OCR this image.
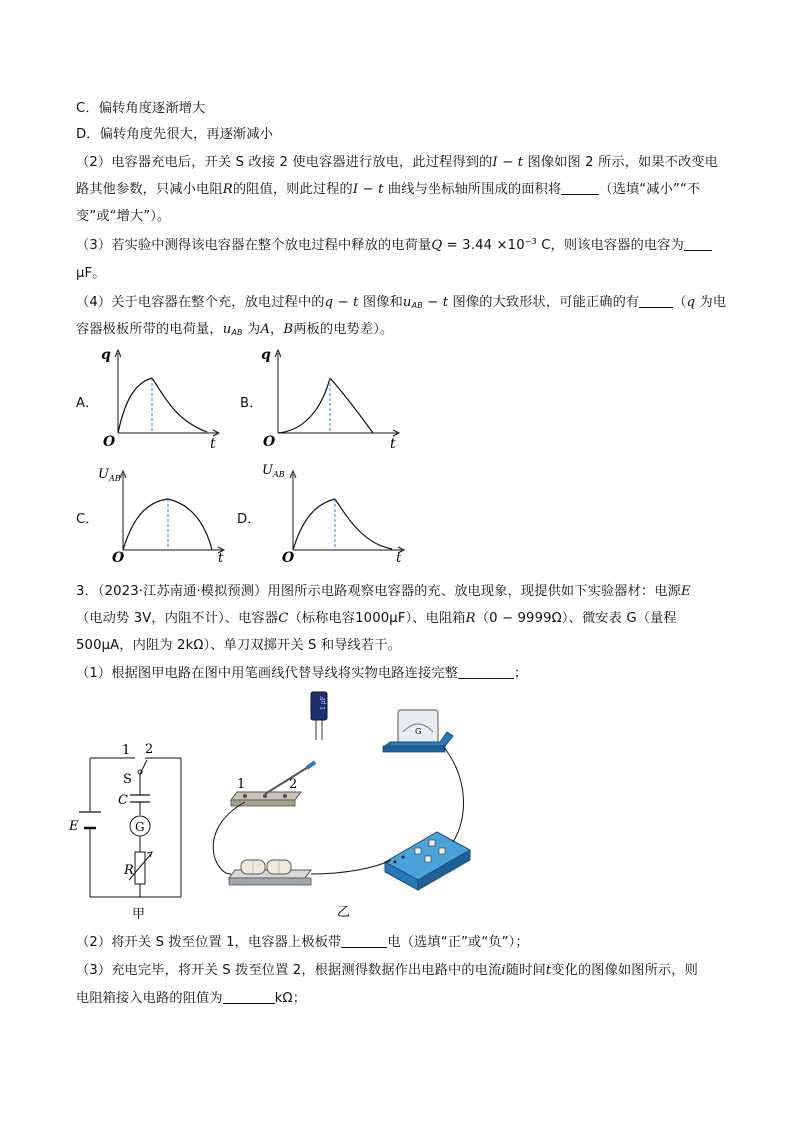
C．偏转角度逐渐增大
D．偏转角度先很大，再逐渐减小
（2）电容器充电后，开关 S 改接 2 使电容器进行放电，此过程得到的I − t 图像如图 2 所示，如果不改变电
路其他参数，只减小电阻R的阻值，则此过程的I − t 曲线与坐标轴所围成的面积将	（选填“减小”“不
变”或“增大”）。
（3）若实验中测得该电容器在整个放电过程中释放的电荷量$Q = 3.44 \times 10^{-3}$ C，则该电容器的电容为
μF。
（4）关于电容器在整个充，放电过程中的q − t 图像和$u_{AB} - t$ 图像的大致形状，可能正确的有	（q 为电
容器极板所带的电荷量，$u_{AB}$ 为A，B两板的电势差）。
A．
q
O	t
B．
q
O	t
C．
$U_{AB}$
O	t
D．
$U_{AB}$
O	t
3．（2023·江苏南通·模拟预测）用图所示电路观察电容器的充、放电现象，现提供如下实验器材：电源E
（电动势 3V，内阻不计）、电容器C（标称电容1000μF）、电阻箱R（0 − 9999Ω）、微安表 G（量程
500μA，内阻为 2kΩ）、单刀双掷开关 S 和导线若干。
（1）根据图甲电路在图中用笔画线代替导线将实物电路连接完整	；
E
1 2
S
C
G
R
甲
1 μF
G
1	2
乙
（2）将开关 S 拨至位置 1，电容器上极板带	电（选填“正”或“负”）；
（3）充电完毕，将开关 S 拨至位置 2，根据测得数据作出电路中的电流i随时间t变化的图像如图所示，则
电阻箱接入电路的阻值为	kΩ；
